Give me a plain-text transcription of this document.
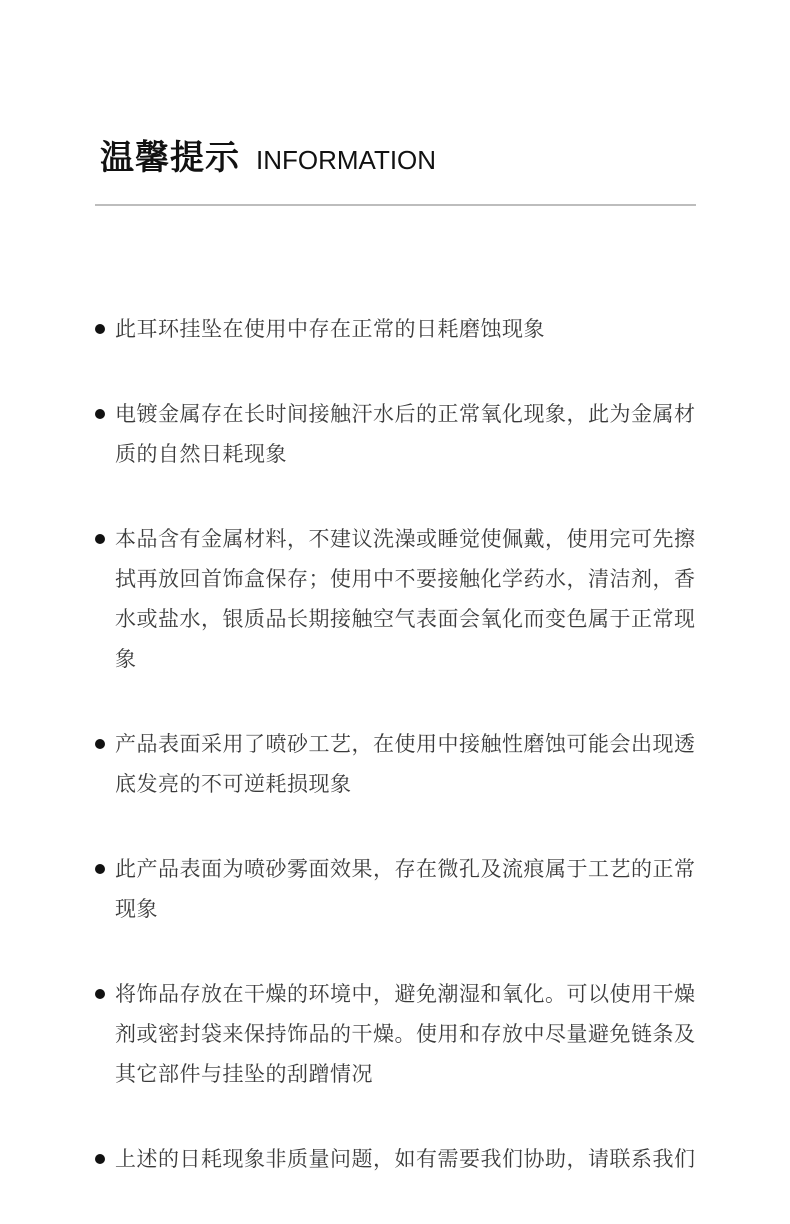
温馨提示 INFORMATION
此耳环挂坠在使用中存在正常的日耗磨蚀现象
电镀金属存在长时间接触汗水后的正常氧化现象，此为金属材质的自然日耗现象
本品含有金属材料，不建议洗澡或睡觉使佩戴，使用完可先擦拭再放回首饰盒保存；使用中不要接触化学药水，清洁剂，香水或盐水，银质品长期接触空气表面会氧化而变色属于正常现象
产品表面采用了喷砂工艺，在使用中接触性磨蚀可能会出现透底发亮的不可逆耗损现象
此产品表面为喷砂雾面效果，存在微孔及流痕属于工艺的正常现象
将饰品存放在干燥的环境中，避免潮湿和氧化。可以使用干燥剂或密封袋来保持饰品的干燥。使用和存放中尽量避免链条及其它部件与挂坠的刮蹭情况
上述的日耗现象非质量问题，如有需要我们协助，请联系我们
